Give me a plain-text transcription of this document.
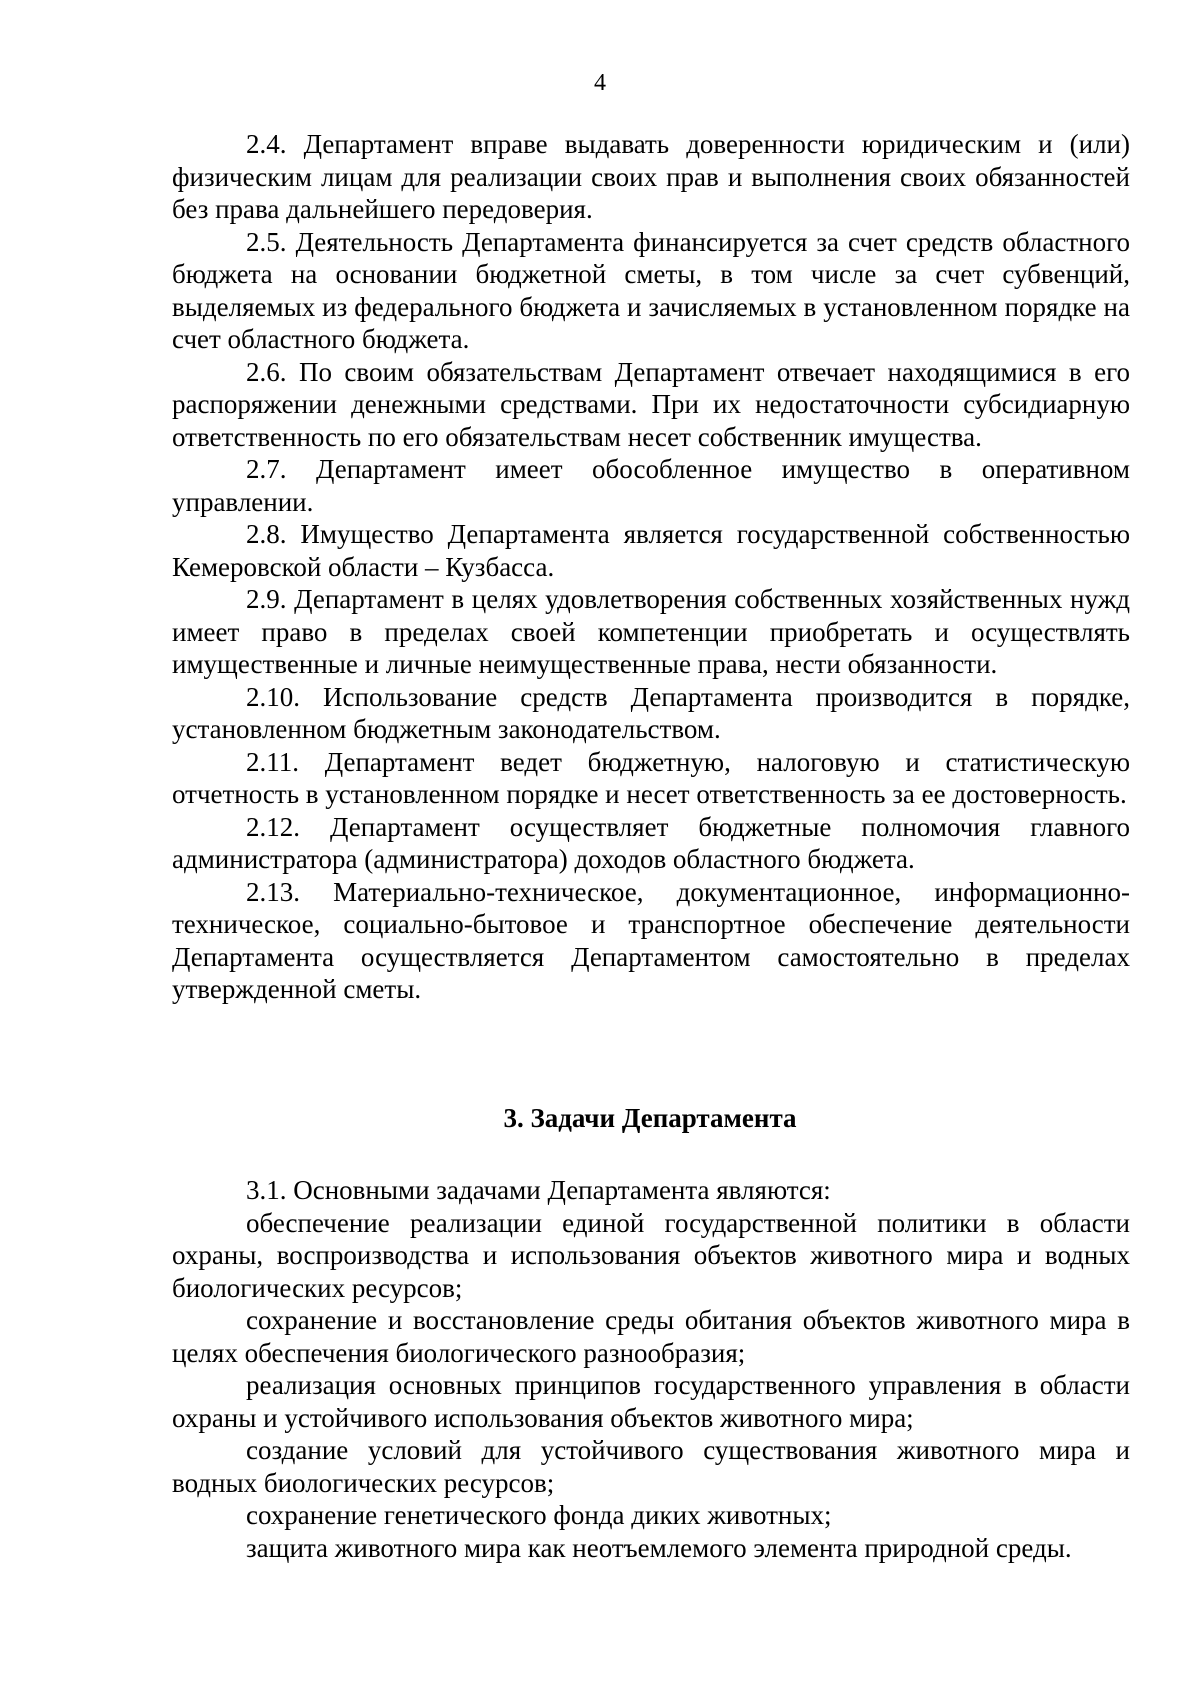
4

2.4. Департамент вправе выдавать доверенности юридическим и (или) физическим лицам для реализации своих прав и выполнения своих обязанностей без права дальнейшего передоверия.

2.5. Деятельность Департамента финансируется за счет средств областного бюджета на основании бюджетной сметы, в том числе за счет субвенций, выделяемых из федерального бюджета и зачисляемых в установленном порядке на счет областного бюджета.

2.6. По своим обязательствам Департамент отвечает находящимися в его распоряжении денежными средствами. При их недостаточности субсидиарную ответственность по его обязательствам несет собственник имущества.

2.7. Департамент имеет обособленное имущество в оперативном управлении.

2.8. Имущество Департамента является государственной собственностью Кемеровской области – Кузбасса.

2.9. Департамент в целях удовлетворения собственных хозяйственных нужд имеет право в пределах своей компетенции приобретать и осуществлять имущественные и личные неимущественные права, нести обязанности.

2.10. Использование средств Департамента производится в порядке, установленном бюджетным законодательством.

2.11. Департамент ведет бюджетную, налоговую и статистическую отчетность в установленном порядке и несет ответственность за ее достоверность.

2.12. Департамент осуществляет бюджетные полномочия главного администратора (администратора) доходов областного бюджета.

2.13. Материально-техническое, документационное, информационно-техническое, социально-бытовое и транспортное обеспечение деятельности Департамента осуществляется Департаментом самостоятельно в пределах утвержденной сметы.

3. Задачи Департамента

3.1. Основными задачами Департамента являются:

обеспечение реализации единой государственной политики в области охраны, воспроизводства и использования объектов животного мира и водных биологических ресурсов;

сохранение и восстановление среды обитания объектов животного мира в целях обеспечения биологического разнообразия;

реализация основных принципов государственного управления в области охраны и устойчивого использования объектов животного мира;

создание условий для устойчивого существования животного мира и водных биологических ресурсов;

сохранение генетического фонда диких животных;

защита животного мира как неотъемлемого элемента природной среды.
